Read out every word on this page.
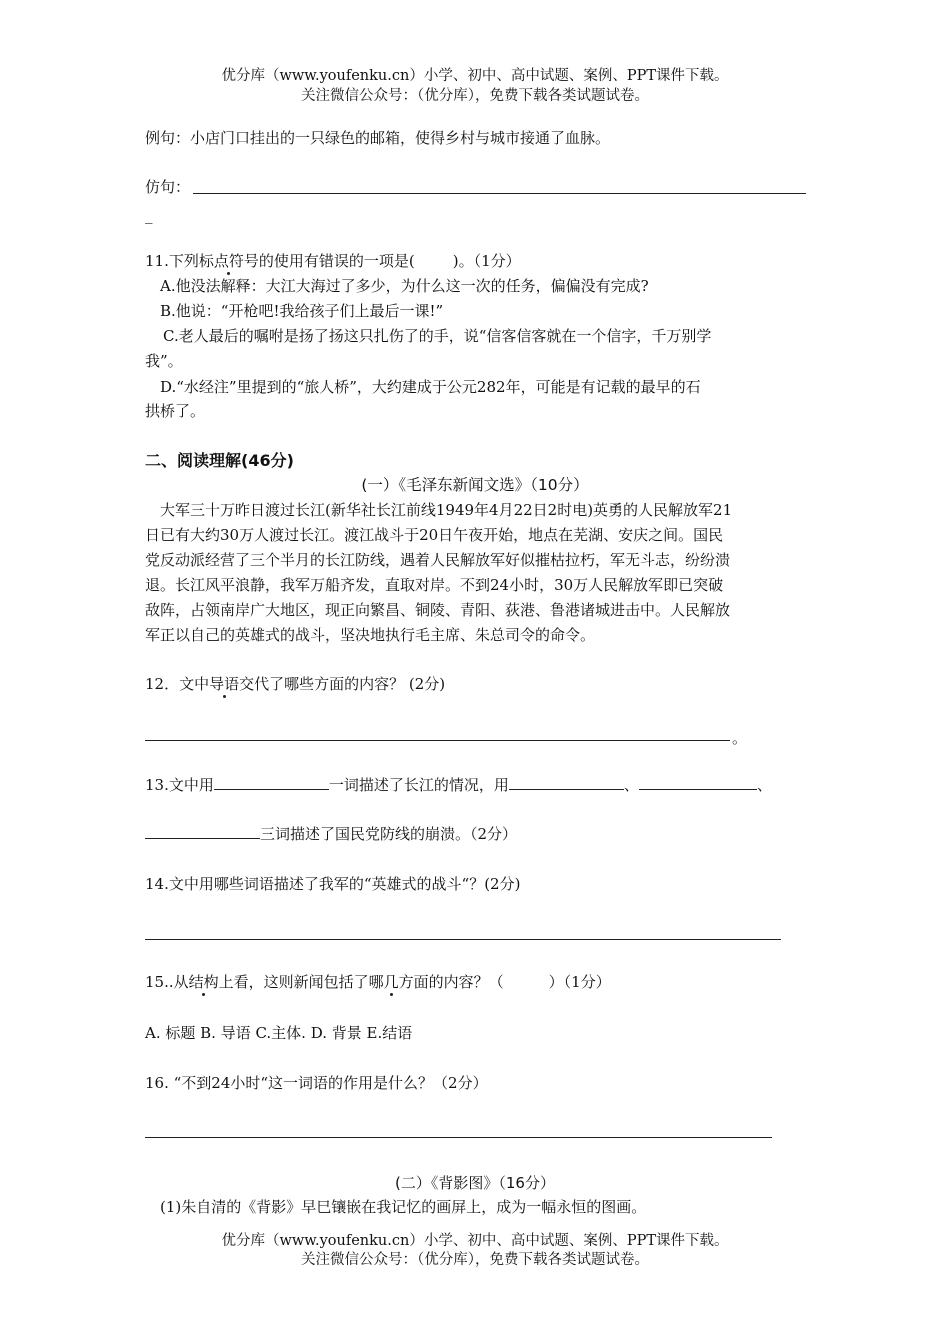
优分库（www.youfenku.cn）小学、初中、高中试题、案例、PPT课件下载。
关注微信公众号：（优分库），免费下载各类试题试卷。
例句：小店门口挂出的一只绿色的邮箱，使得乡村与城市接通了血脉。
仿句：
_
11.下列标点符号的使用有错误的一项是(	)。（1分）
A.他没法解释：大江大海过了多少，为什么这一次的任务，偏偏没有完成?
B.他说：“开枪吧!我给孩子们上最后一课!”
C.老人最后的嘱咐是扬了扬这只扎伤了的手，说“信客信客就在一个信字，千万别学
我”。
D.“水经注”里提到的“旅人桥”，大约建成于公元282年，可能是有记载的最早的石
拱桥了。
二、阅读理解(46分)
(一）《毛泽东新闻文选》（10分）
大军三十万昨日渡过长江(新华社长江前线1949年4月22日2时电)英勇的人民解放军21
日已有大约30万人渡过长江。渡江战斗于20日午夜开始，地点在芜湖、安庆之间。国民
党反动派经营了三个半月的长江防线，遇着人民解放军好似摧枯拉朽，军无斗志，纷纷溃
退。长江风平浪静，我军万船齐发，直取对岸。不到24小时，30万人民解放军即已突破
敌阵，占领南岸广大地区，现正向繁昌、铜陵、青阳、荻港、鲁港诸城进击中。人民解放
军正以自己的英雄式的战斗，坚决地执行毛主席、朱总司令的命令。
12．文中导语交代了哪些方面的内容？ (2分)
。
13.文中用	一词描述了长江的情况，用	、	、
三词描述了国民党防线的崩溃。（2分）
14.文中用哪些词语描述了我军的“英雄式的战斗“？(2分)
15..从结构上看，这则新闻包括了哪几方面的内容？（　　　）（1分）
A. 标题 B. 导语 C.主体. D. 背景 E.结语
16. “不到24小时“这一词语的作用是什么？（2分）
(二）《背影图》（16分）
(1)朱自清的《背影》早巳镶嵌在我记忆的画屏上，成为一幅永恒的图画。
优分库（www.youfenku.cn）小学、初中、高中试题、案例、PPT课件下载。
关注微信公众号：（优分库），免费下载各类试题试卷。
